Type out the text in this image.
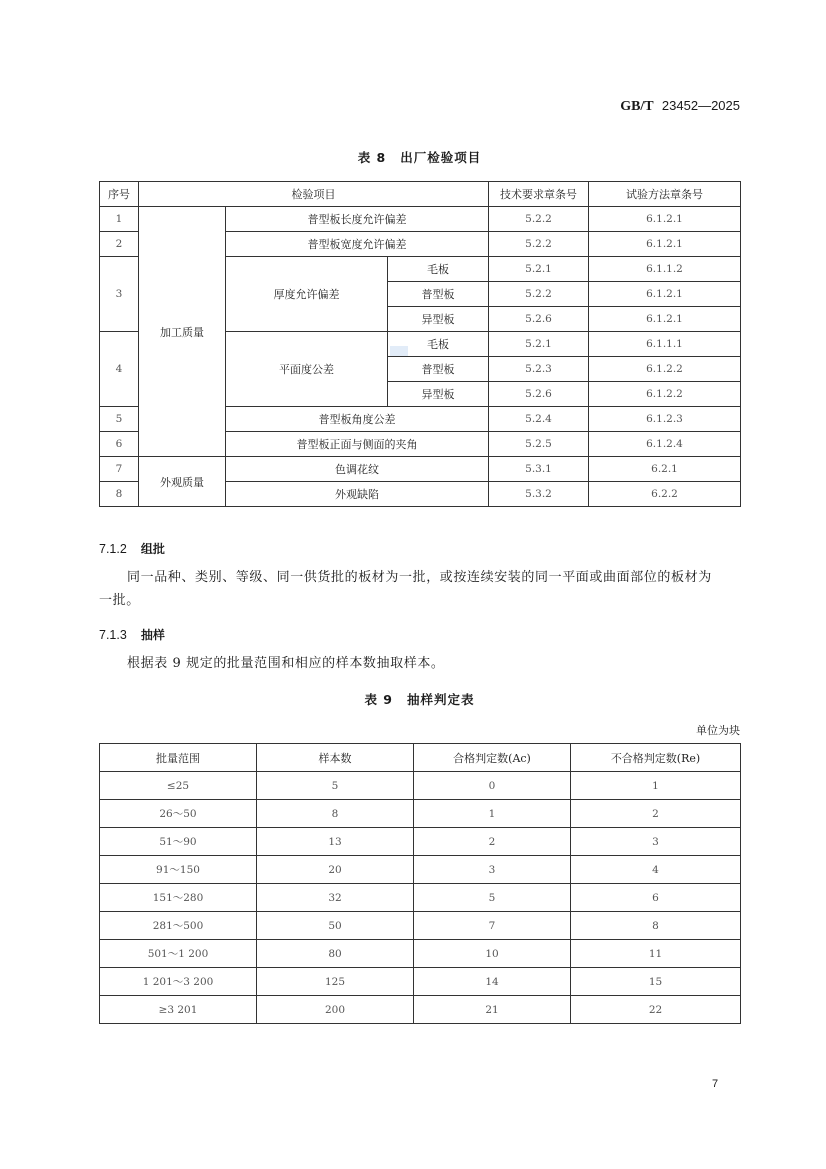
GB/T 23452—2025
表 8 出厂检验项目
序号	检验项目			技术要求章条号	试验方法章条号
1	加工质量	普型板长度允许偏差		5.2.2	6.1.2.1
2		普型板宽度允许偏差		5.2.2	6.1.2.1
3		厚度允许偏差	毛板	5.2.1	6.1.1.2
			普型板	5.2.2	6.1.2.1
			异型板	5.2.6	6.1.2.1
4		平面度公差	毛板	5.2.1	6.1.1.1
			普型板	5.2.3	6.1.2.2
			异型板	5.2.6	6.1.2.2
5		普型板角度公差		5.2.4	6.1.2.3
6		普型板正面与侧面的夹角		5.2.5	6.1.2.4
7	外观质量	色调花纹		5.3.1	6.2.1
8		外观缺陷		5.3.2	6.2.2
7.1.2 组批
同一品种、类别、等级、同一供货批的板材为一批，或按连续安装的同一平面或曲面部位的板材为
一批。
7.1.3 抽样
根据表 9 规定的批量范围和相应的样本数抽取样本。
表 9 抽样判定表
单位为块
批量范围	样本数	合格判定数(Ac)	不合格判定数(Re)
≤25	5	0	1
26～50	8	1	2
51～90	13	2	3
91～150	20	3	4
151～280	32	5	6
281～500	50	7	8
501～1 200	80	10	11
1 201～3 200	125	14	15
≥3 201	200	21	22
7
